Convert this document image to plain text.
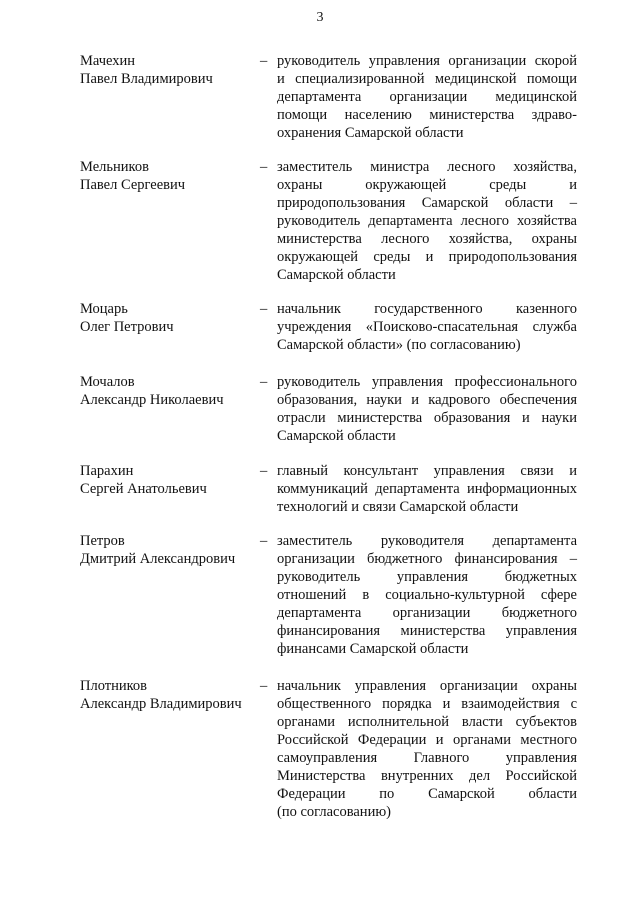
3
Мачехин
Павел Владимирович
– руководитель управления организации скорой
и специализированной медицинской помощи
департамента организации медицинской
помощи населению министерства здраво-
охранения Самарской области
Мельников
Павел Сергеевич
– заместитель министра лесного хозяйства,
охраны окружающей среды и
природопользования Самарской области –
руководитель департамента лесного хозяйства
министерства лесного хозяйства, охраны
окружающей среды и природопользования
Самарской области
Моцарь
Олег Петрович
– начальник государственного казенного
учреждения «Поисково-спасательная служба
Самарской области» (по согласованию)
Мочалов
Александр Николаевич
– руководитель управления профессионального
образования, науки и кадрового обеспечения
отрасли министерства образования и науки
Самарской области
Парахин
Сергей Анатольевич
– главный консультант управления связи и
коммуникаций департамента информационных
технологий и связи Самарской области
Петров
Дмитрий Александрович
– заместитель руководителя департамента
организации бюджетного финансирования –
руководитель управления бюджетных
отношений в социально-культурной сфере
департамента организации бюджетного
финансирования министерства управления
финансами Самарской области
Плотников
Александр Владимирович
– начальник управления организации охраны
общественного порядка и взаимодействия с
органами исполнительной власти субъектов
Российской Федерации и органами местного
самоуправления Главного управления
Министерства внутренних дел Российской
Федерации по Самарской области
(по согласованию)
